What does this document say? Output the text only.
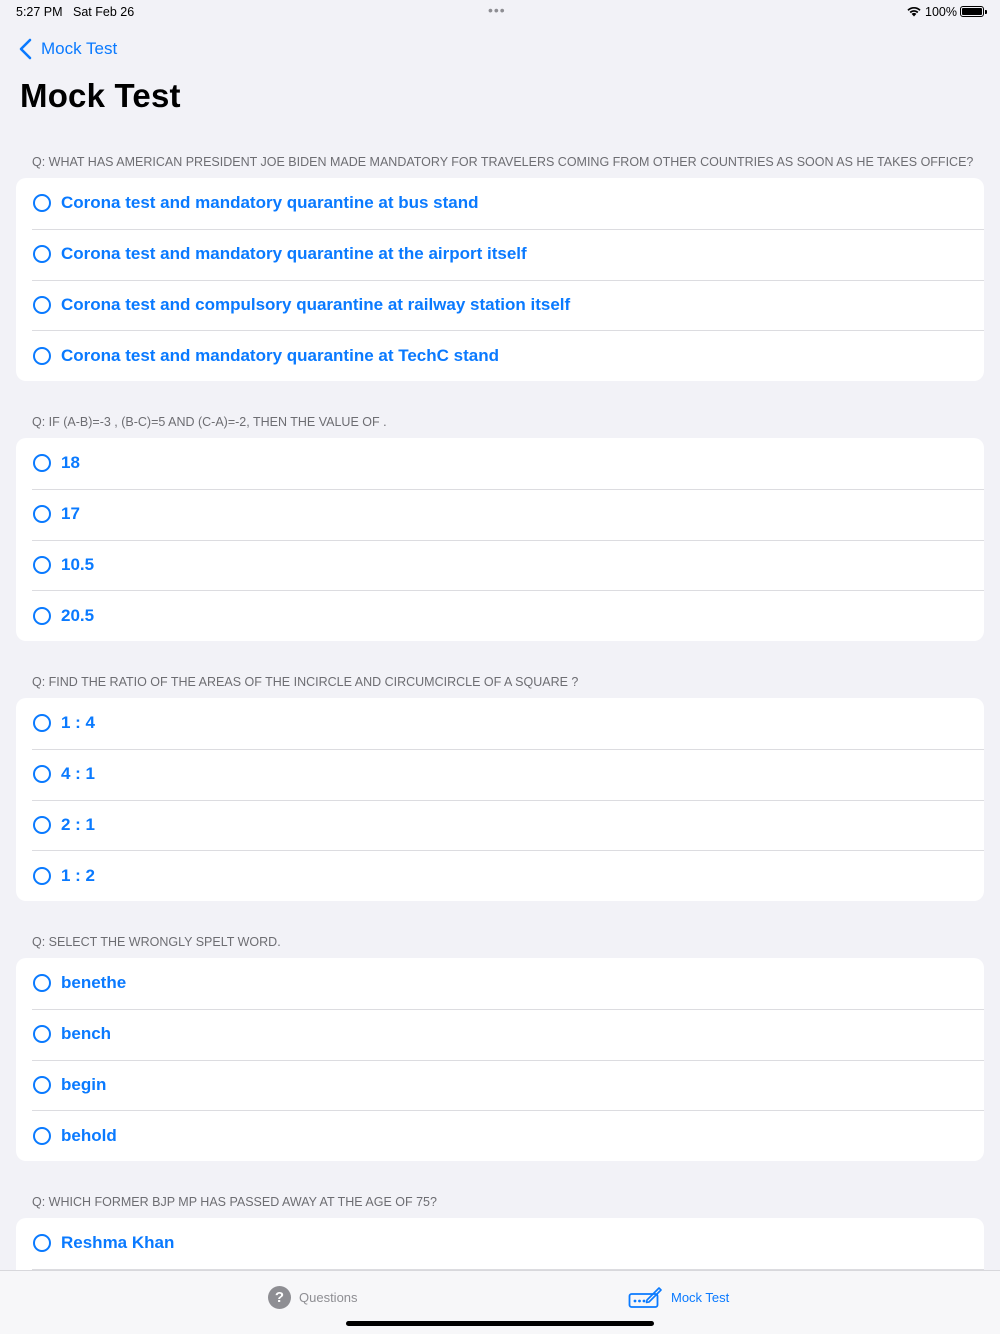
5:27 PM Sat Feb 26	•••	100%
Mock Test
Mock Test
Q: WHAT HAS AMERICAN PRESIDENT JOE BIDEN MADE MANDATORY FOR TRAVELERS COMING FROM OTHER COUNTRIES AS SOON AS HE TAKES OFFICE?
Corona test and mandatory quarantine at bus stand
Corona test and mandatory quarantine at the airport itself
Corona test and compulsory quarantine at railway station itself
Corona test and mandatory quarantine at TechC stand
Q: IF (A-B)=-3 , (B-C)=5 AND (C-A)=-2, THEN THE VALUE OF .
18
17
10.5
20.5
Q: FIND THE RATIO OF THE AREAS OF THE INCIRCLE AND CIRCUMCIRCLE OF A SQUARE ?
1 : 4
4 : 1
2 : 1
1 : 2
Q: SELECT THE WRONGLY SPELT WORD.
benethe
bench
begin
behold
Q: WHICH FORMER BJP MP HAS PASSED AWAY AT THE AGE OF 75?
Reshma Khan
?	Questions	Mock Test
